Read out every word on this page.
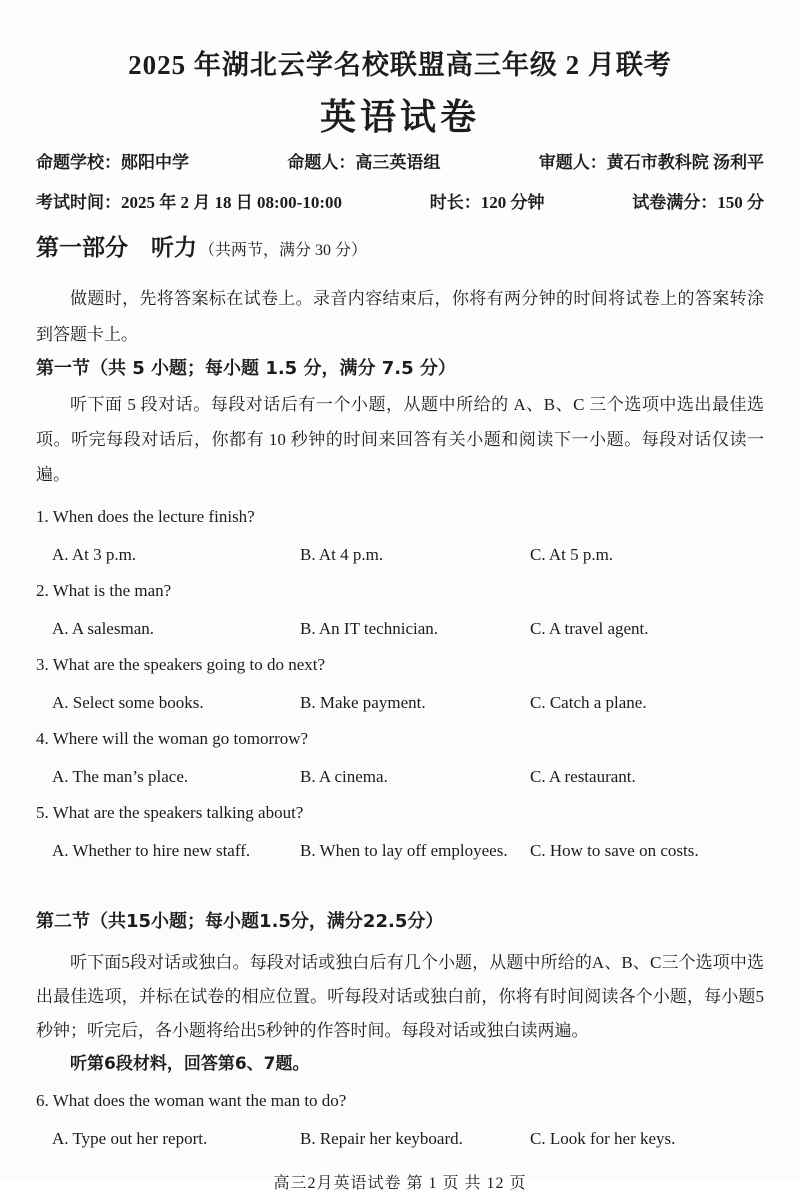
2025 年湖北云学名校联盟高三年级 2 月联考
英语试卷
命题学校：郧阳中学	命题人：高三英语组	审题人：黄石市教科院 汤利平
考试时间：2025 年 2 月 18 日 08:00-10:00	时长：120 分钟	试卷满分：150 分
第一部分　听力 （共两节，满分 30 分）
做题时，先将答案标在试卷上。录音内容结束后，你将有两分钟的时间将试卷上的答案转涂到答题卡上。
第一节（共 5 小题；每小题 1.5 分，满分 7.5 分）
听下面 5 段对话。每段对话后有一个小题，从题中所给的 A、B、C 三个选项中选出最佳选项。听完每段对话后，你都有 10 秒钟的时间来回答有关小题和阅读下一小题。每段对话仅读一遍。
1. When does the lecture finish?
A. At 3 p.m.	B. At 4 p.m.	C. At 5 p.m.
2. What is the man?
A. A salesman.	B. An IT technician.	C. A travel agent.
3. What are the speakers going to do next?
A. Select some books.	B. Make payment.	C. Catch a plane.
4. Where will the woman go tomorrow?
A. The man’s place.	B. A cinema.	C. A restaurant.
5. What are the speakers talking about?
A. Whether to hire new staff.	B. When to lay off employees.	C. How to save on costs.
第二节（共15小题；每小题1.5分，满分22.5分）
听下面5段对话或独白。每段对话或独白后有几个小题，从题中所给的A、B、C三个选项中选出最佳选项，并标在试卷的相应位置。听每段对话或独白前，你将有时间阅读各个小题，每小题5秒钟；听完后，各小题将给出5秒钟的作答时间。每段对话或独白读两遍。
听第6段材料，回答第6、7题。
6. What does the woman want the man to do?
A. Type out her report.	B. Repair her keyboard.	C. Look for her keys.
高三2月英语试卷 第 1 页 共 12 页
